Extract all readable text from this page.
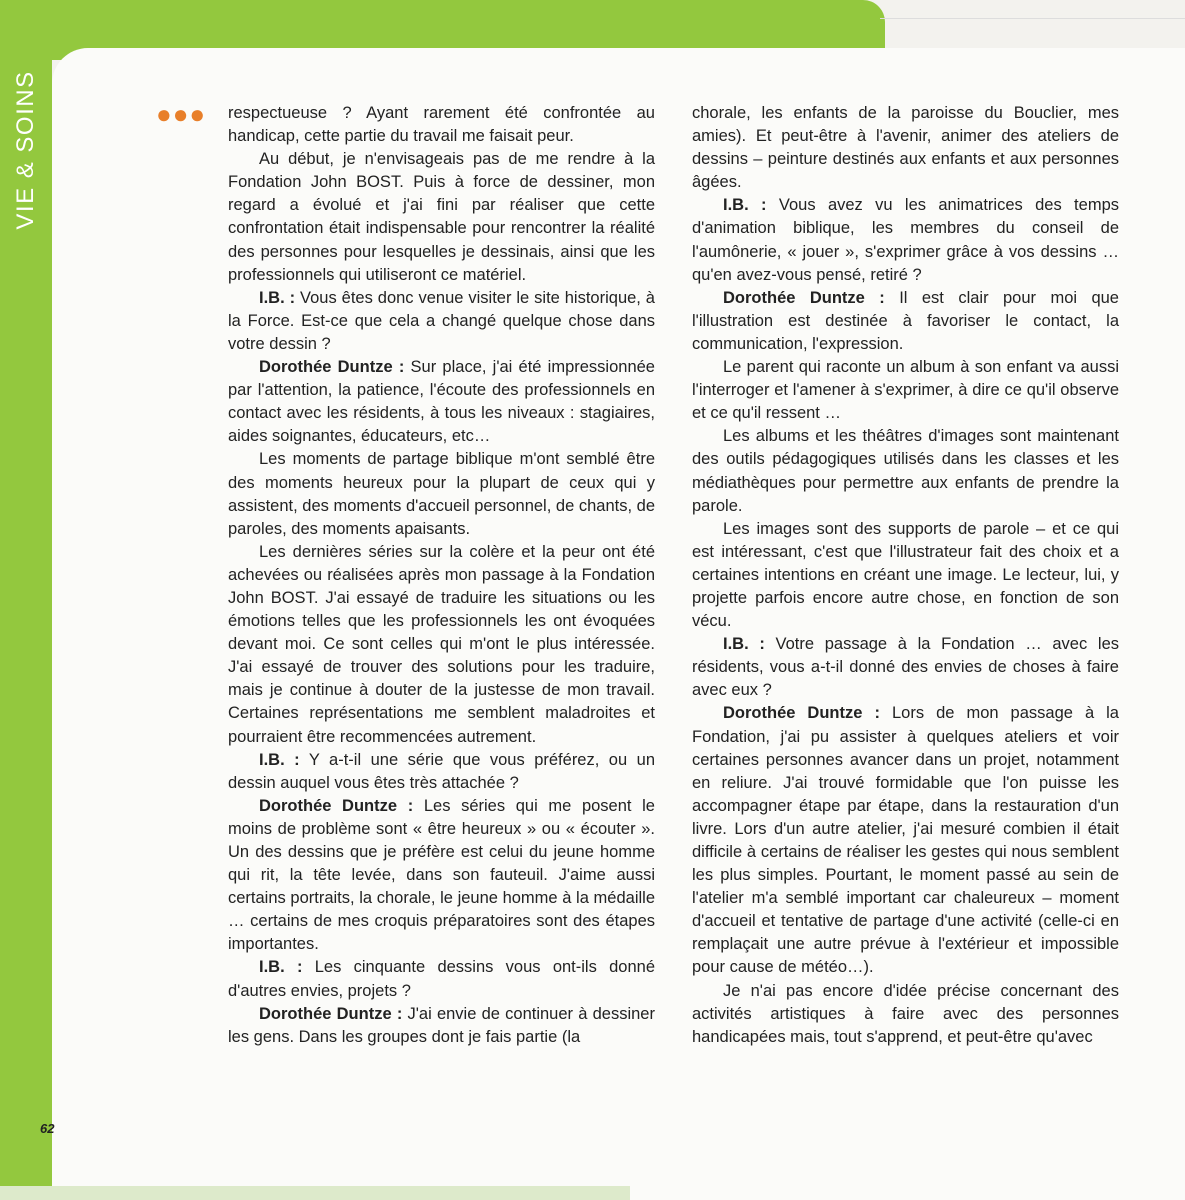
VIE & SOINS	●●● respectueuse ? Ayant rarement été confrontée au handicap, cette partie du travail me faisait peur.

Au début, je n'envisageais pas de me rendre à la Fondation John BOST. Puis à force de dessiner, mon regard a évolué et j'ai fini par réaliser que cette confrontation était indispensable pour rencontrer la réalité des personnes pour lesquelles je dessinais, ainsi que les professionnels qui utiliseront ce matériel.

I.B. : Vous êtes donc venue visiter le site historique, à la Force. Est-ce que cela a changé quelque chose dans votre dessin ?

Dorothée Duntze : Sur place, j'ai été impressionnée par l'attention, la patience, l'écoute des professionnels en contact avec les résidents, à tous les niveaux : stagiaires, aides soignantes, éducateurs, etc…

Les moments de partage biblique m'ont semblé être des moments heureux pour la plupart de ceux qui y assistent, des moments d'accueil personnel, de chants, de paroles, des moments apaisants.

Les dernières séries sur la colère et la peur ont été achevées ou réalisées après mon passage à la Fondation John BOST. J'ai essayé de traduire les situations ou les émotions telles que les professionnels les ont évoquées devant moi. Ce sont celles qui m'ont le plus intéressée. J'ai essayé de trouver des solutions pour les traduire, mais je continue à douter de la justesse de mon travail. Certaines représentations me semblent maladroites et pourraient être recommencées autrement.

I.B. : Y a-t-il une série que vous préférez, ou un dessin auquel vous êtes très attachée ?

Dorothée Duntze : Les séries qui me posent le moins de problème sont « être heureux » ou « écouter ». Un des dessins que je préfère est celui du jeune homme qui rit, la tête levée, dans son fauteuil. J'aime aussi certains portraits, la chorale, le jeune homme à la médaille … certains de mes croquis préparatoires sont des étapes importantes.

I.B. : Les cinquante dessins vous ont-ils donné d'autres envies, projets ?

Dorothée Duntze : J'ai envie de continuer à dessiner les gens. Dans les groupes dont je fais partie (la

chorale, les enfants de la paroisse du Bouclier, mes amies). Et peut-être à l'avenir, animer des ateliers de dessins – peinture destinés aux enfants et aux personnes âgées.

I.B. : Vous avez vu les animatrices des temps d'animation biblique, les membres du conseil de l'aumônerie, « jouer », s'exprimer grâce à vos dessins … qu'en avez-vous pensé, retiré ?

Dorothée Duntze : Il est clair pour moi que l'illustration est destinée à favoriser le contact, la communication, l'expression.

Le parent qui raconte un album à son enfant va aussi l'interroger et l'amener à s'exprimer, à dire ce qu'il observe et ce qu'il ressent …

Les albums et les théâtres d'images sont maintenant des outils pédagogiques utilisés dans les classes et les médiathèques pour permettre aux enfants de prendre la parole.

Les images sont des supports de parole – et ce qui est intéressant, c'est que l'illustrateur fait des choix et a certaines intentions en créant une image. Le lecteur, lui, y projette parfois encore autre chose, en fonction de son vécu.

I.B. : Votre passage à la Fondation … avec les résidents, vous a-t-il donné des envies de choses à faire avec eux ?

Dorothée Duntze : Lors de mon passage à la Fondation, j'ai pu assister à quelques ateliers et voir certaines personnes avancer dans un projet, notamment en reliure. J'ai trouvé formidable que l'on puisse les accompagner étape par étape, dans la restauration d'un livre. Lors d'un autre atelier, j'ai mesuré combien il était difficile à certains de réaliser les gestes qui nous semblent les plus simples. Pourtant, le moment passé au sein de l'atelier m'a semblé important car chaleureux – moment d'accueil et tentative de partage d'une activité (celle-ci en remplaçait une autre prévue à l'extérieur et impossible pour cause de météo…).

Je n'ai pas encore d'idée précise concernant des activités artistiques à faire avec des personnes handicapées mais, tout s'apprend, et peut-être qu'avec

62
